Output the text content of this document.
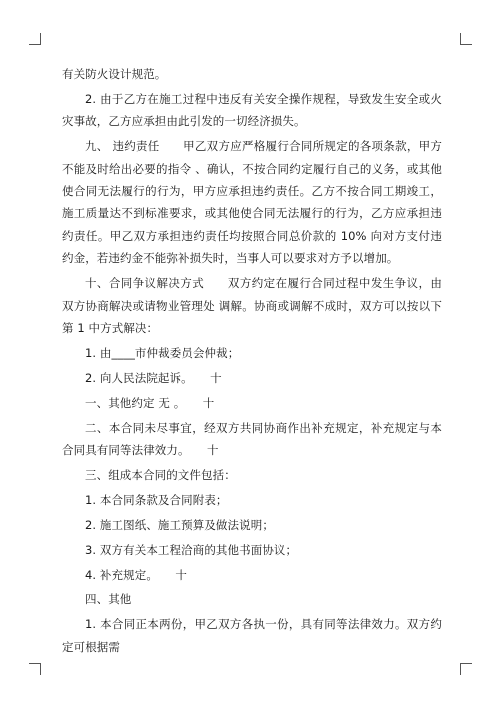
有关防火设计规范。

2. 由于乙方在施工过程中违反有关安全操作规程，导致发生安全或火灾事故，乙方应承担由此引发的一切经济损失。

九、 违约责任　　甲乙双方应严格履行合同所规定的各项条款，甲方不能及时给出必要的指令 、确认，不按合同约定履行自己的义务，或其他使合同无法履行的行为，甲方应承担违约责任。乙方不按合同工期竣工，施工质量达不到标准要求，或其他使合同无法履行的行为，乙方应承担违约责任。甲乙双方承担违约责任均按照合同总价款的 10% 向对方支付违约金，若违约金不能弥补损失时，当事人可以要求对方予以增加。

十、合同争议解决方式　　双方约定在履行合同过程中发生争议，由双方协商解决或请物业管理处 调解。协商或调解不成时，双方可以按以下第 1 中方式解决：

1. 由____市仲裁委员会仲裁；

2. 向人民法院起诉。　　十

一、其他约定 无 。　　十

二、本合同未尽事宜，经双方共同协商作出补充规定，补充规定与本合同具有同等法律效力。　　十

三、组成本合同的文件包括：

1. 本合同条款及合同附表；

2. 施工图纸、施工预算及做法说明；

3. 双方有关本工程洽商的其他书面协议；

4. 补充规定。　　十

四、其他

1. 本合同正本两份，甲乙双方各执一份，具有同等法律效力。双方约定可根据需
